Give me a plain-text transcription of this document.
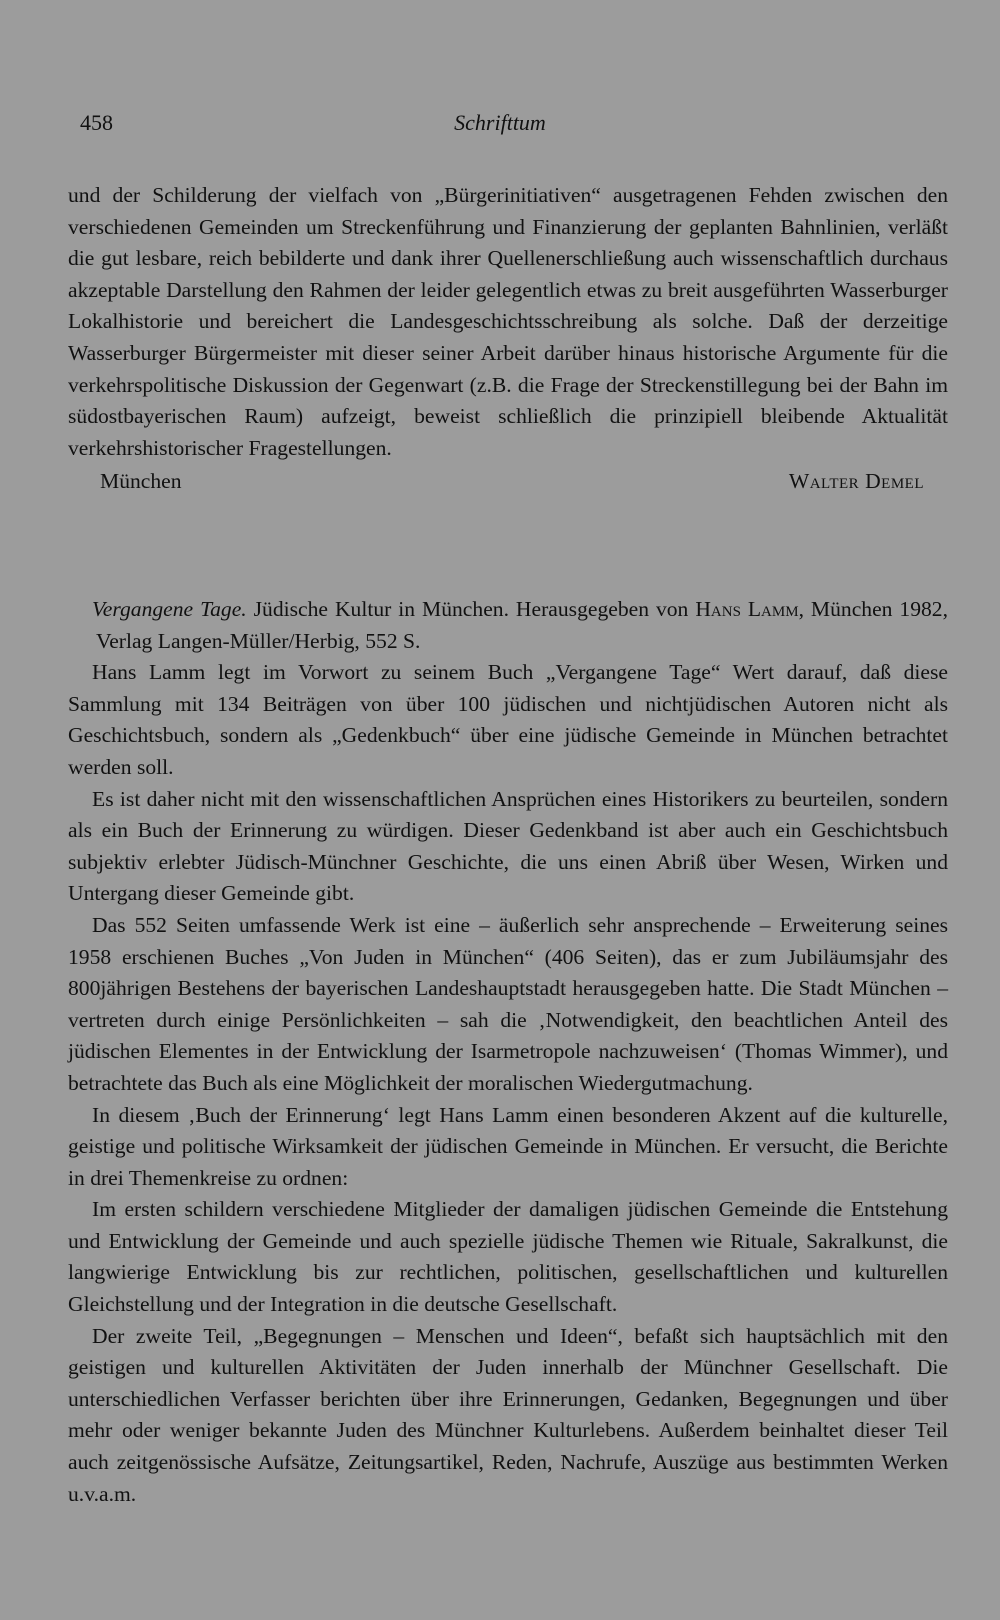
458	Schrifttum

und der Schilderung der vielfach von „Bürgerinitiativen“ ausgetragenen Fehden zwischen den verschiedenen Gemeinden um Streckenführung und Finanzierung der geplanten Bahnlinien, verläßt die gut lesbare, reich bebilderte und dank ihrer Quellenerschließung auch wissenschaftlich durchaus akzeptable Darstellung den Rahmen der leider gelegentlich etwas zu breit ausgeführten Wasserburger Lokalhistorie und bereichert die Landesgeschichtsschreibung als solche. Daß der derzeitige Wasserburger Bürgermeister mit dieser seiner Arbeit darüber hinaus historische Argumente für die verkehrspolitische Diskussion der Gegenwart (z.B. die Frage der Streckenstillegung bei der Bahn im südostbayerischen Raum) aufzeigt, beweist schließlich die prinzipiell bleibende Aktualität verkehrshistorischer Fragestellungen.

München	Walter Demel

Vergangene Tage. Jüdische Kultur in München. Herausgegeben von Hans Lamm, München 1982, Verlag Langen-Müller/Herbig, 552 S.

Hans Lamm legt im Vorwort zu seinem Buch „Vergangene Tage“ Wert darauf, daß diese Sammlung mit 134 Beiträgen von über 100 jüdischen und nichtjüdischen Autoren nicht als Geschichtsbuch, sondern als „Gedenkbuch“ über eine jüdische Gemeinde in München betrachtet werden soll.

Es ist daher nicht mit den wissenschaftlichen Ansprüchen eines Historikers zu beurteilen, sondern als ein Buch der Erinnerung zu würdigen. Dieser Gedenkband ist aber auch ein Geschichtsbuch subjektiv erlebter Jüdisch-Münchner Geschichte, die uns einen Abriß über Wesen, Wirken und Untergang dieser Gemeinde gibt.

Das 552 Seiten umfassende Werk ist eine – äußerlich sehr ansprechende – Erweiterung seines 1958 erschienen Buches „Von Juden in München“ (406 Seiten), das er zum Jubiläumsjahr des 800jährigen Bestehens der bayerischen Landeshauptstadt herausgegeben hatte. Die Stadt München – vertreten durch einige Persönlichkeiten – sah die ‚Notwendigkeit, den beachtlichen Anteil des jüdischen Elementes in der Entwicklung der Isarmetropole nachzuweisen‘ (Thomas Wimmer), und betrachtete das Buch als eine Möglichkeit der moralischen Wiedergutmachung.

In diesem ‚Buch der Erinnerung‘ legt Hans Lamm einen besonderen Akzent auf die kulturelle, geistige und politische Wirksamkeit der jüdischen Gemeinde in München. Er versucht, die Berichte in drei Themenkreise zu ordnen:

Im ersten schildern verschiedene Mitglieder der damaligen jüdischen Gemeinde die Entstehung und Entwicklung der Gemeinde und auch spezielle jüdische Themen wie Rituale, Sakralkunst, die langwierige Entwicklung bis zur rechtlichen, politischen, gesellschaftlichen und kulturellen Gleichstellung und der Integration in die deutsche Gesellschaft.

Der zweite Teil, „Begegnungen – Menschen und Ideen“, befaßt sich hauptsächlich mit den geistigen und kulturellen Aktivitäten der Juden innerhalb der Münchner Gesellschaft. Die unterschiedlichen Verfasser berichten über ihre Erinnerungen, Gedanken, Begegnungen und über mehr oder weniger bekannte Juden des Münchner Kulturlebens. Außerdem beinhaltet dieser Teil auch zeitgenössische Aufsätze, Zeitungsartikel, Reden, Nachrufe, Auszüge aus bestimmten Werken u.v.a.m.
